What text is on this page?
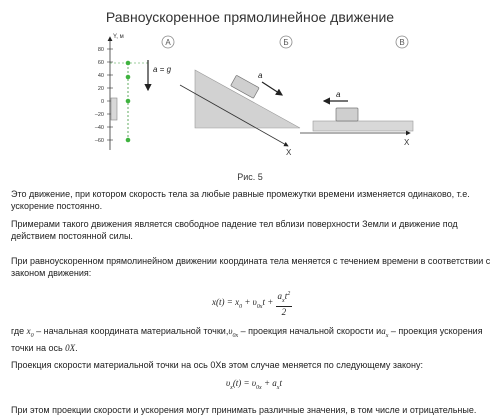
Равноускоренное прямолинейное движение
А
Y, м
80
60
40
20
0
–20
–40
–60
a = g
Б
X
a
В
X
a
Рис. 5

Это движение, при котором скорость тела за любые равные промежутки времени изменяется одинаково, т.е. ускорение постоянно.

Примерами такого движения является свободное падение тел вблизи поверхности Земли и движение под действием постоянной силы.

При равноускоренном прямолинейном движении координата тела меняется с течением времени в соответствии с законом движения:

$x(t) = x_0 + \upsilon_{0x}t + \frac{a_xt^2}{2}$

где $x_0$ – начальная координата материальной $точки,\upsilon_{0x}$ – проекция начальной скорости $иa_x$ – проекция ускорения точки на ось 0X.

Проекция скорости материальной точки на ось 0Xв этом случае меняется по следующему закону:

$\upsilon_x(t) = \upsilon_{0x} + a_xt$

При этом проекции скорости и ускорения могут принимать различные значения, в том числе и отрицательные.
